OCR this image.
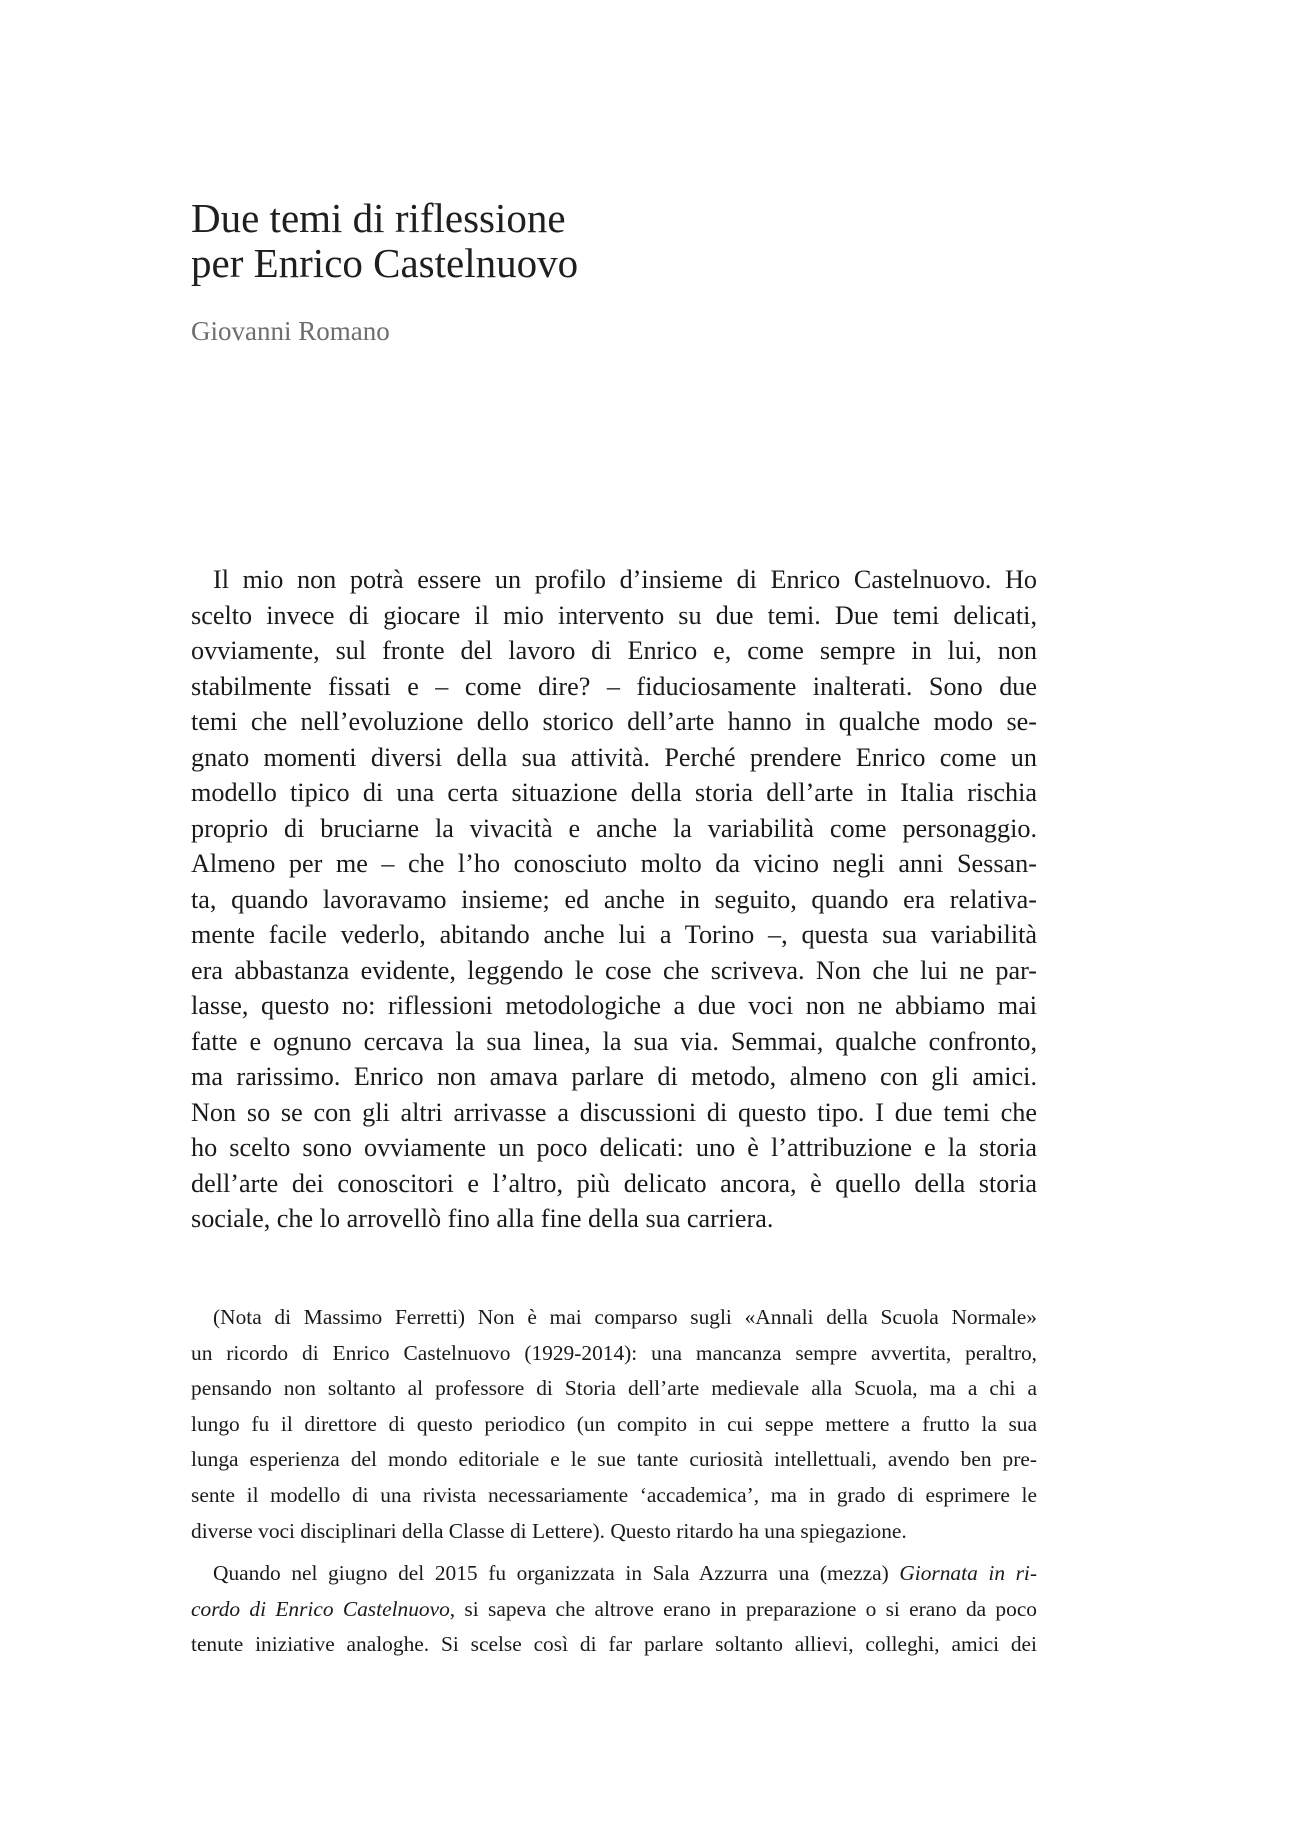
Due temi di riflessione
per Enrico Castelnuovo
Giovanni Romano
Il mio non potrà essere un profilo d’insieme di Enrico Castelnuovo. Ho
scelto invece di giocare il mio intervento su due temi. Due temi delicati,
ovviamente, sul fronte del lavoro di Enrico e, come sempre in lui, non
stabilmente fissati e – come dire? – fiduciosamente inalterati. Sono due
temi che nell’evoluzione dello storico dell’arte hanno in qualche modo se-
gnato momenti diversi della sua attività. Perché prendere Enrico come un
modello tipico di una certa situazione della storia dell’arte in Italia rischia
proprio di bruciarne la vivacità e anche la variabilità come personaggio.
Almeno per me – che l’ho conosciuto molto da vicino negli anni Sessan-
ta, quando lavoravamo insieme; ed anche in seguito, quando era relativa-
mente facile vederlo, abitando anche lui a Torino –, questa sua variabilità
era abbastanza evidente, leggendo le cose che scriveva. Non che lui ne par-
lasse, questo no: riflessioni metodologiche a due voci non ne abbiamo mai
fatte e ognuno cercava la sua linea, la sua via. Semmai, qualche confronto,
ma rarissimo. Enrico non amava parlare di metodo, almeno con gli amici.
Non so se con gli altri arrivasse a discussioni di questo tipo. I due temi che
ho scelto sono ovviamente un poco delicati: uno è l’attribuzione e la storia
dell’arte dei conoscitori e l’altro, più delicato ancora, è quello della storia
sociale, che lo arrovellò fino alla fine della sua carriera.
(Nota di Massimo Ferretti) Non è mai comparso sugli «Annali della Scuola Normale»
un ricordo di Enrico Castelnuovo (1929-2014): una mancanza sempre avvertita, peraltro,
pensando non soltanto al professore di Storia dell’arte medievale alla Scuola, ma a chi a
lungo fu il direttore di questo periodico (un compito in cui seppe mettere a frutto la sua
lunga esperienza del mondo editoriale e le sue tante curiosità intellettuali, avendo ben pre-
sente il modello di una rivista necessariamente ‘accademica’, ma in grado di esprimere le
diverse voci disciplinari della Classe di Lettere). Questo ritardo ha una spiegazione.
Quando nel giugno del 2015 fu organizzata in Sala Azzurra una (mezza) Giornata in ri-
cordo di Enrico Castelnuovo, si sapeva che altrove erano in preparazione o si erano da poco
tenute iniziative analoghe. Si scelse così di far parlare soltanto allievi, colleghi, amici dei
